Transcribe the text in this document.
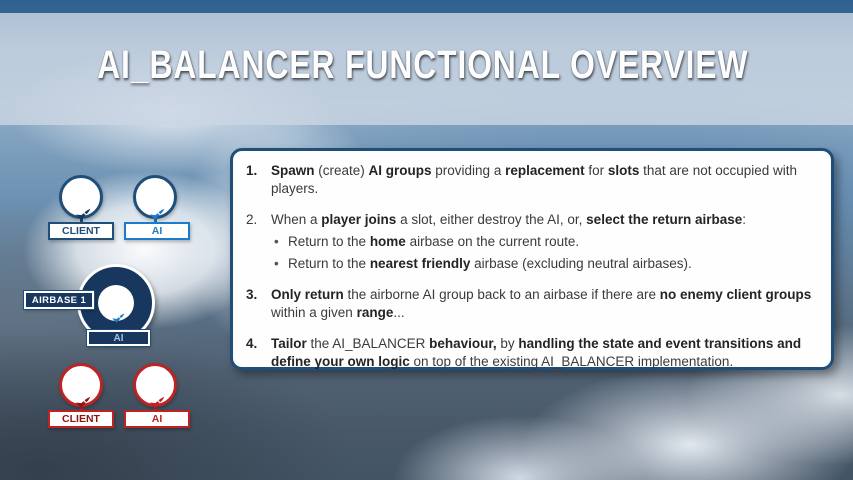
AI_BALANCER FUNCTIONAL OVERVIEW
1.	Spawn (create) AI groups providing a replacement for slots that are not occupied with players.
2.	When a player joins a slot, either destroy the AI, or, select the return airbase:
• Return to the home airbase on the current route.
• Return to the nearest friendly airbase (excluding neutral airbases).
3.	Only return the airborne AI group back to an airbase if there are no enemy client groups within a given range...
4.	Tailor the AI_BALANCER behaviour, by handling the state and event transitions and define your own logic on top of the existing AI_BALANCER implementation.
CLIENT	AI
AIRBASE 1
AI
CLIENT	AI
